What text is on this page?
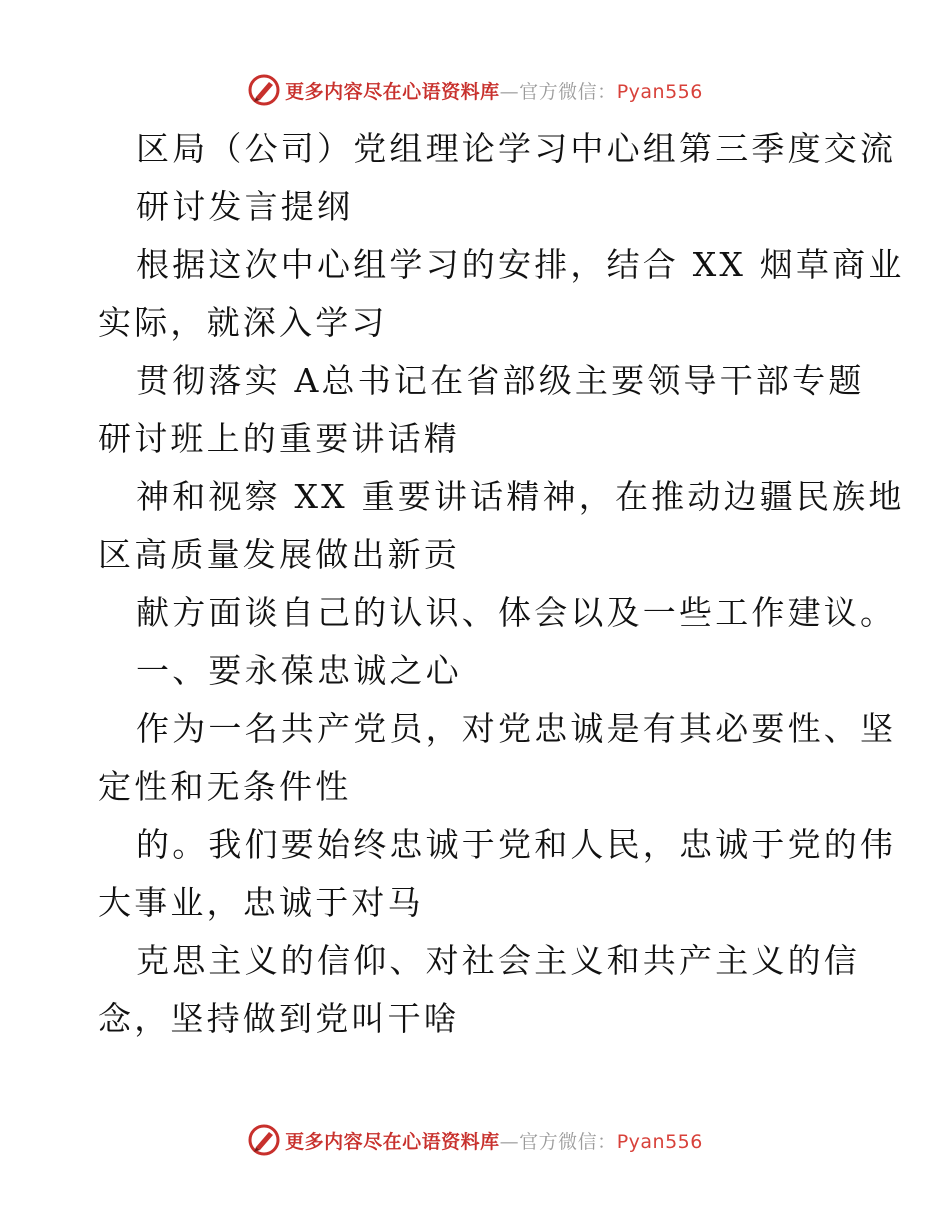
更多内容尽在心语资料库—官方微信：Pyan556
区局（公司）党组理论学习中心组第三季度交流
研讨发言提纲
根据这次中心组学习的安排，结合 XX 烟草商业
实际，就深入学习
贯彻落实 A总书记在省部级主要领导干部专题
研讨班上的重要讲话精
神和视察 XX 重要讲话精神，在推动边疆民族地
区高质量发展做出新贡
献方面谈自己的认识、体会以及一些工作建议。
一、要永葆忠诚之心
作为一名共产党员，对党忠诚是有其必要性、坚
定性和无条件性
的。我们要始终忠诚于党和人民，忠诚于党的伟
大事业，忠诚于对马
克思主义的信仰、对社会主义和共产主义的信
念，坚持做到党叫干啥
更多内容尽在心语资料库—官方微信：Pyan556
